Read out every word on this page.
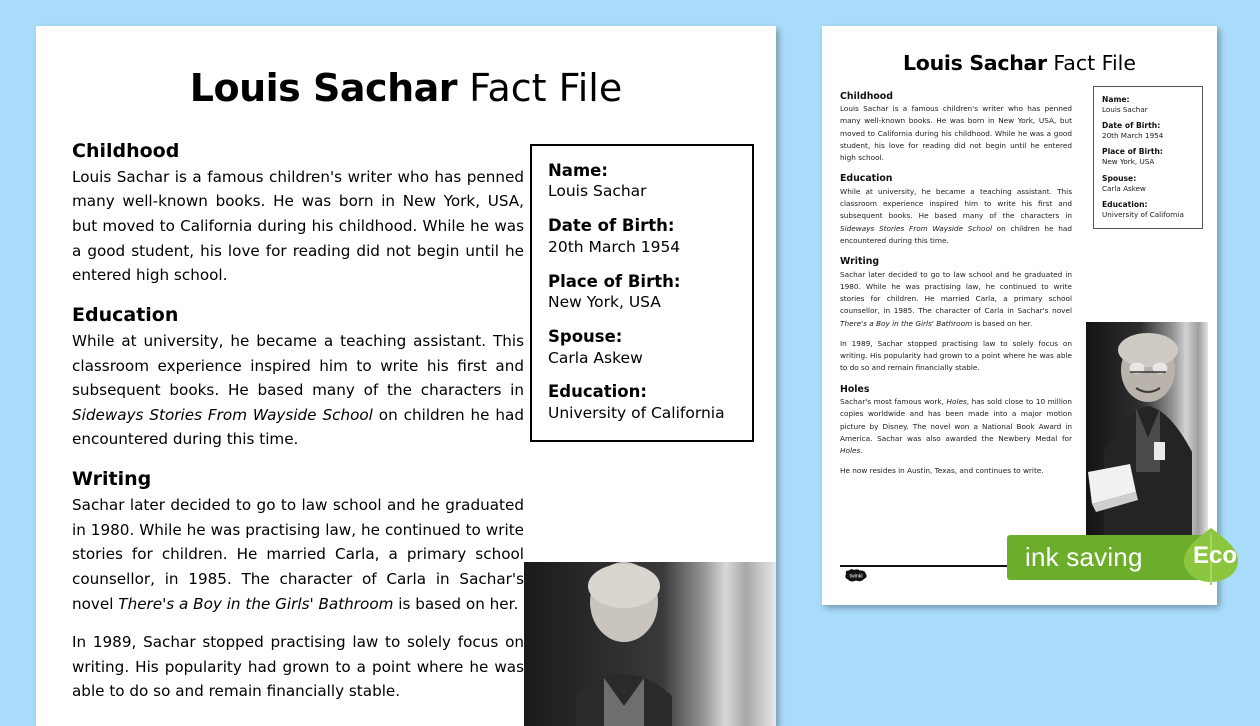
Louis Sachar Fact File
Childhood
Louis Sachar is a famous children's writer who has penned many well-known books. He was born in New York, USA, but moved to California during his childhood. While he was a good student, his love for reading did not begin until he entered high school.
Education
While at university, he became a teaching assistant. This classroom experience inspired him to write his first and subsequent books. He based many of the characters in Sideways Stories From Wayside School on children he had encountered during this time.
Writing
Sachar later decided to go to law school and he graduated in 1980. While he was practising law, he continued to write stories for children. He married Carla, a primary school counsellor, in 1985. The character of Carla in Sachar's novel There's a Boy in the Girls' Bathroom is based on her.
In 1989, Sachar stopped practising law to solely focus on writing. His popularity had grown to a point where he was able to do so and remain financially stable.
Name:
Louis Sachar
Date of Birth:
20th March 1954
Place of Birth:
New York, USA
Spouse:
Carla Askew
Education:
University of California
Louis Sachar Fact File
Childhood
Louis Sachar is a famous children's writer who has penned many well-known books. He was born in New York, USA, but moved to California during his childhood. While he was a good student, his love for reading did not begin until he entered high school.
Education
While at university, he became a teaching assistant. This classroom experience inspired him to write his first and subsequent books. He based many of the characters in Sideways Stories From Wayside School on children he had encountered during this time.
Writing
Sachar later decided to go to law school and he graduated in 1980. While he was practising law, he continued to write stories for children. He married Carla, a primary school counsellor, in 1985. The character of Carla in Sachar's novel There's a Boy in the Girls' Bathroom is based on her.
In 1989, Sachar stopped practising law to solely focus on writing. His popularity had grown to a point where he was able to do so and remain financially stable.
Holes
Sachar's most famous work, Holes, has sold close to 10 million copies worldwide and has been made into a major motion picture by Disney. The novel won a National Book Award in America. Sachar was also awarded the Newbery Medal for Holes.
He now resides in Austin, Texas, and continues to write.
Name:
Louis Sachar
Date of Birth:
20th March 1954
Place of Birth:
New York, USA
Spouse:
Carla Askew
Education:
University of California
twinkl
ink saving Eco
